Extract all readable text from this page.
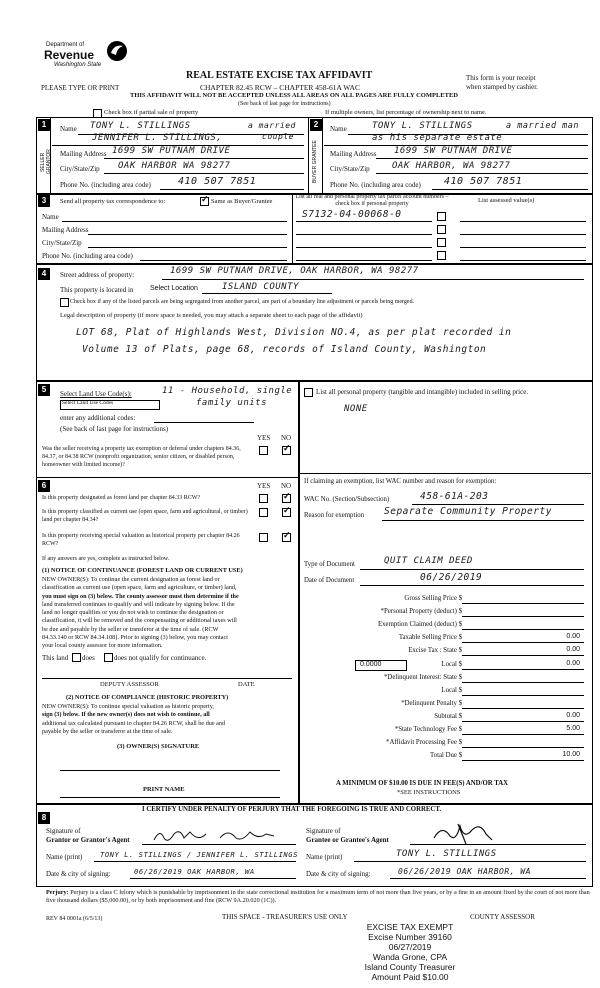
Department of
Revenue
Washington State
REAL ESTATE EXCISE TAX AFFIDAVIT
CHAPTER 82.45 RCW – CHAPTER 458-61A WAC
PLEASE TYPE OR PRINT
This form is your receipt
when stamped by cashier.
THIS AFFIDAVIT WILL NOT BE ACCEPTED UNLESS ALL AREAS ON ALL PAGES ARE FULLY COMPLETED
(See back of last page for instructions)
Check box if partial sale of property	If multiple owners, list percentage of ownership next to name.
1
SELLER GRANTOR
Name TONY L. STILLINGS	a married
JENNIFER L. STILLINGS,	couple
Mailing Address 1699 SW PUTNAM DRIVE
City/State/Zip OAK HARBOR WA 98277
Phone No. (including area code)	410 507 7851
2
BUYER GRANTEE
Name	TONY L. STILLINGS	a married man
as his separate estate
Mailing Address 1699 SW PUTNAM DRIVE
City/State/Zip OAK HARBOR, WA 98277
Phone No. (including area code) 410 507 7851
3	Send all property tax correspondence to:	✓ Same as Buyer/Grantee
Name
Mailing Address
City/State/Zip
Phone No. (including area code)
List all real and personal property tax parcel account numbers – check box if personal property	List assessed value(s)
S7132-04-00068-0
4	Street address of property:	1699 SW PUTNAM DRIVE, OAK HARBOR, WA 98277
This property is located in Select Location	ISLAND COUNTY
Check box if any of the listed parcels are being segregated from another parcel, are part of a boundary line adjustment or parcels being merged.
Legal description of property (if more space is needed, you may attach a separate sheet to each page of the affidavit)
LOT 68, Plat of Highlands West, Division NO.4, as per plat recorded in
Volume 13 of Plats, page 68, records of Island County, Washington
5	Select Land Use Code(s):	11 - Household, single
Select Land Use Codes	family units
enter any additional codes:
(See back of last page for instructions)
YES NO
Was the seller receiving a property tax exemption or deferral under chapters 84.36, 84.37, or 84.38 RCW (nonprofit organization, senior citizen, or disabled person, homeowner with limited income)?
✓
List all personal property (tangible and intangible) included in selling price.
NONE
6	YES NO
Is this property designated as forest land per chapter 84.33 RCW?	✓
Is this property classified as current use (open space, farm and agricultural, or timber) land per chapter 84.34?
✓
Is this property receiving special valuation as historical property per chapter 84.26 RCW?
✓
If any answers are yes, complete as instructed below.
(1) NOTICE OF CONTINUANCE (FOREST LAND OR CURRENT USE)
NEW OWNER(S): To continue the current designation as forest land or
classification as current use (open space, farm and agriculture, or timber) land,
you must sign on (3) below. The county assessor must then determine if the
land transferred continues to qualify and will indicate by signing below. If the
land no longer qualifies or you do not wish to continue the designation or
classification, it will be removed and the compensating or additional taxes will
be due and payable by the seller or transferor at the time of sale. (RCW
84.33.140 or RCW 84.34.108). Prior to signing (3) below, you may contact
your local county assessor for more information.
This land does	does not qualify for continuance.
DEPUTY ASSESSOR	DATE
(2) NOTICE OF COMPLIANCE (HISTORIC PROPERTY)
NEW OWNER(S): To continue special valuation as historic property,
sign (3) below. If the new owner(s) does not wish to continue, all
additional tax calculated pursuant to chapter 84.26 RCW, shall be due and
payable by the seller or transferor at the time of sale.
(3) OWNER(S) SIGNATURE
PRINT NAME
If claiming an exemption, list WAC number and reason for exemption:
WAC No. (Section/Subsection)	458-61A-203
Reason for exemption Separate Community Property
Type of Document	QUIT CLAIM DEED
Date of Document	06/26/2019
Gross Selling Price $
*Personal Property (deduct) $
Exemption Claimed (deduct) $
Taxable Selling Price $	0.00
Excise Tax : State $	0.00
Local $	0.00
*Delinquent Interest: State $
Local $
*Delinquent Penalty $
Subtotal $	0.00
*State Technology Fee $	5.00
*Affidavit Processing Fee $
Total Due $	10.00
0.0000
A MINIMUM OF $10.00 IS DUE IN FEE(S) AND/OR TAX
*SEE INSTRUCTIONS
8
I CERTIFY UNDER PENALTY OF PERJURY THAT THE FOREGOING IS TRUE AND CORRECT.
Signature of
Grantor or Grantor's Agent
Signature of
Grantee or Grantee's Agent
Name (print) TONY L. STILLINGS / JENNIFER L. STILLINGS Name (print)	TONY L. STILLINGS
Date & city of signing:	06/26/2019 OAK HARBOR, WA	Date & city of signing:	06/26/2019 OAK HARBOR, WA
Perjury: Perjury is a class C felony which is punishable by imprisonment in the state correctional institution for a maximum term of not more than five years, or by a fine in an amount fixed by the court of not more than five thousand dollars ($5,000.00), or by both imprisonment and fine (RCW 9A.20.020 (1C)).
REV 84 0001a (6/5/13)	THIS SPACE - TREASURER'S USE ONLY	COUNTY ASSESSOR
EXCISE TAX EXEMPT
Excise Number 39160
06/27/2019
Wanda Grone, CPA
Island County Treasurer
Amount Paid $10.00
